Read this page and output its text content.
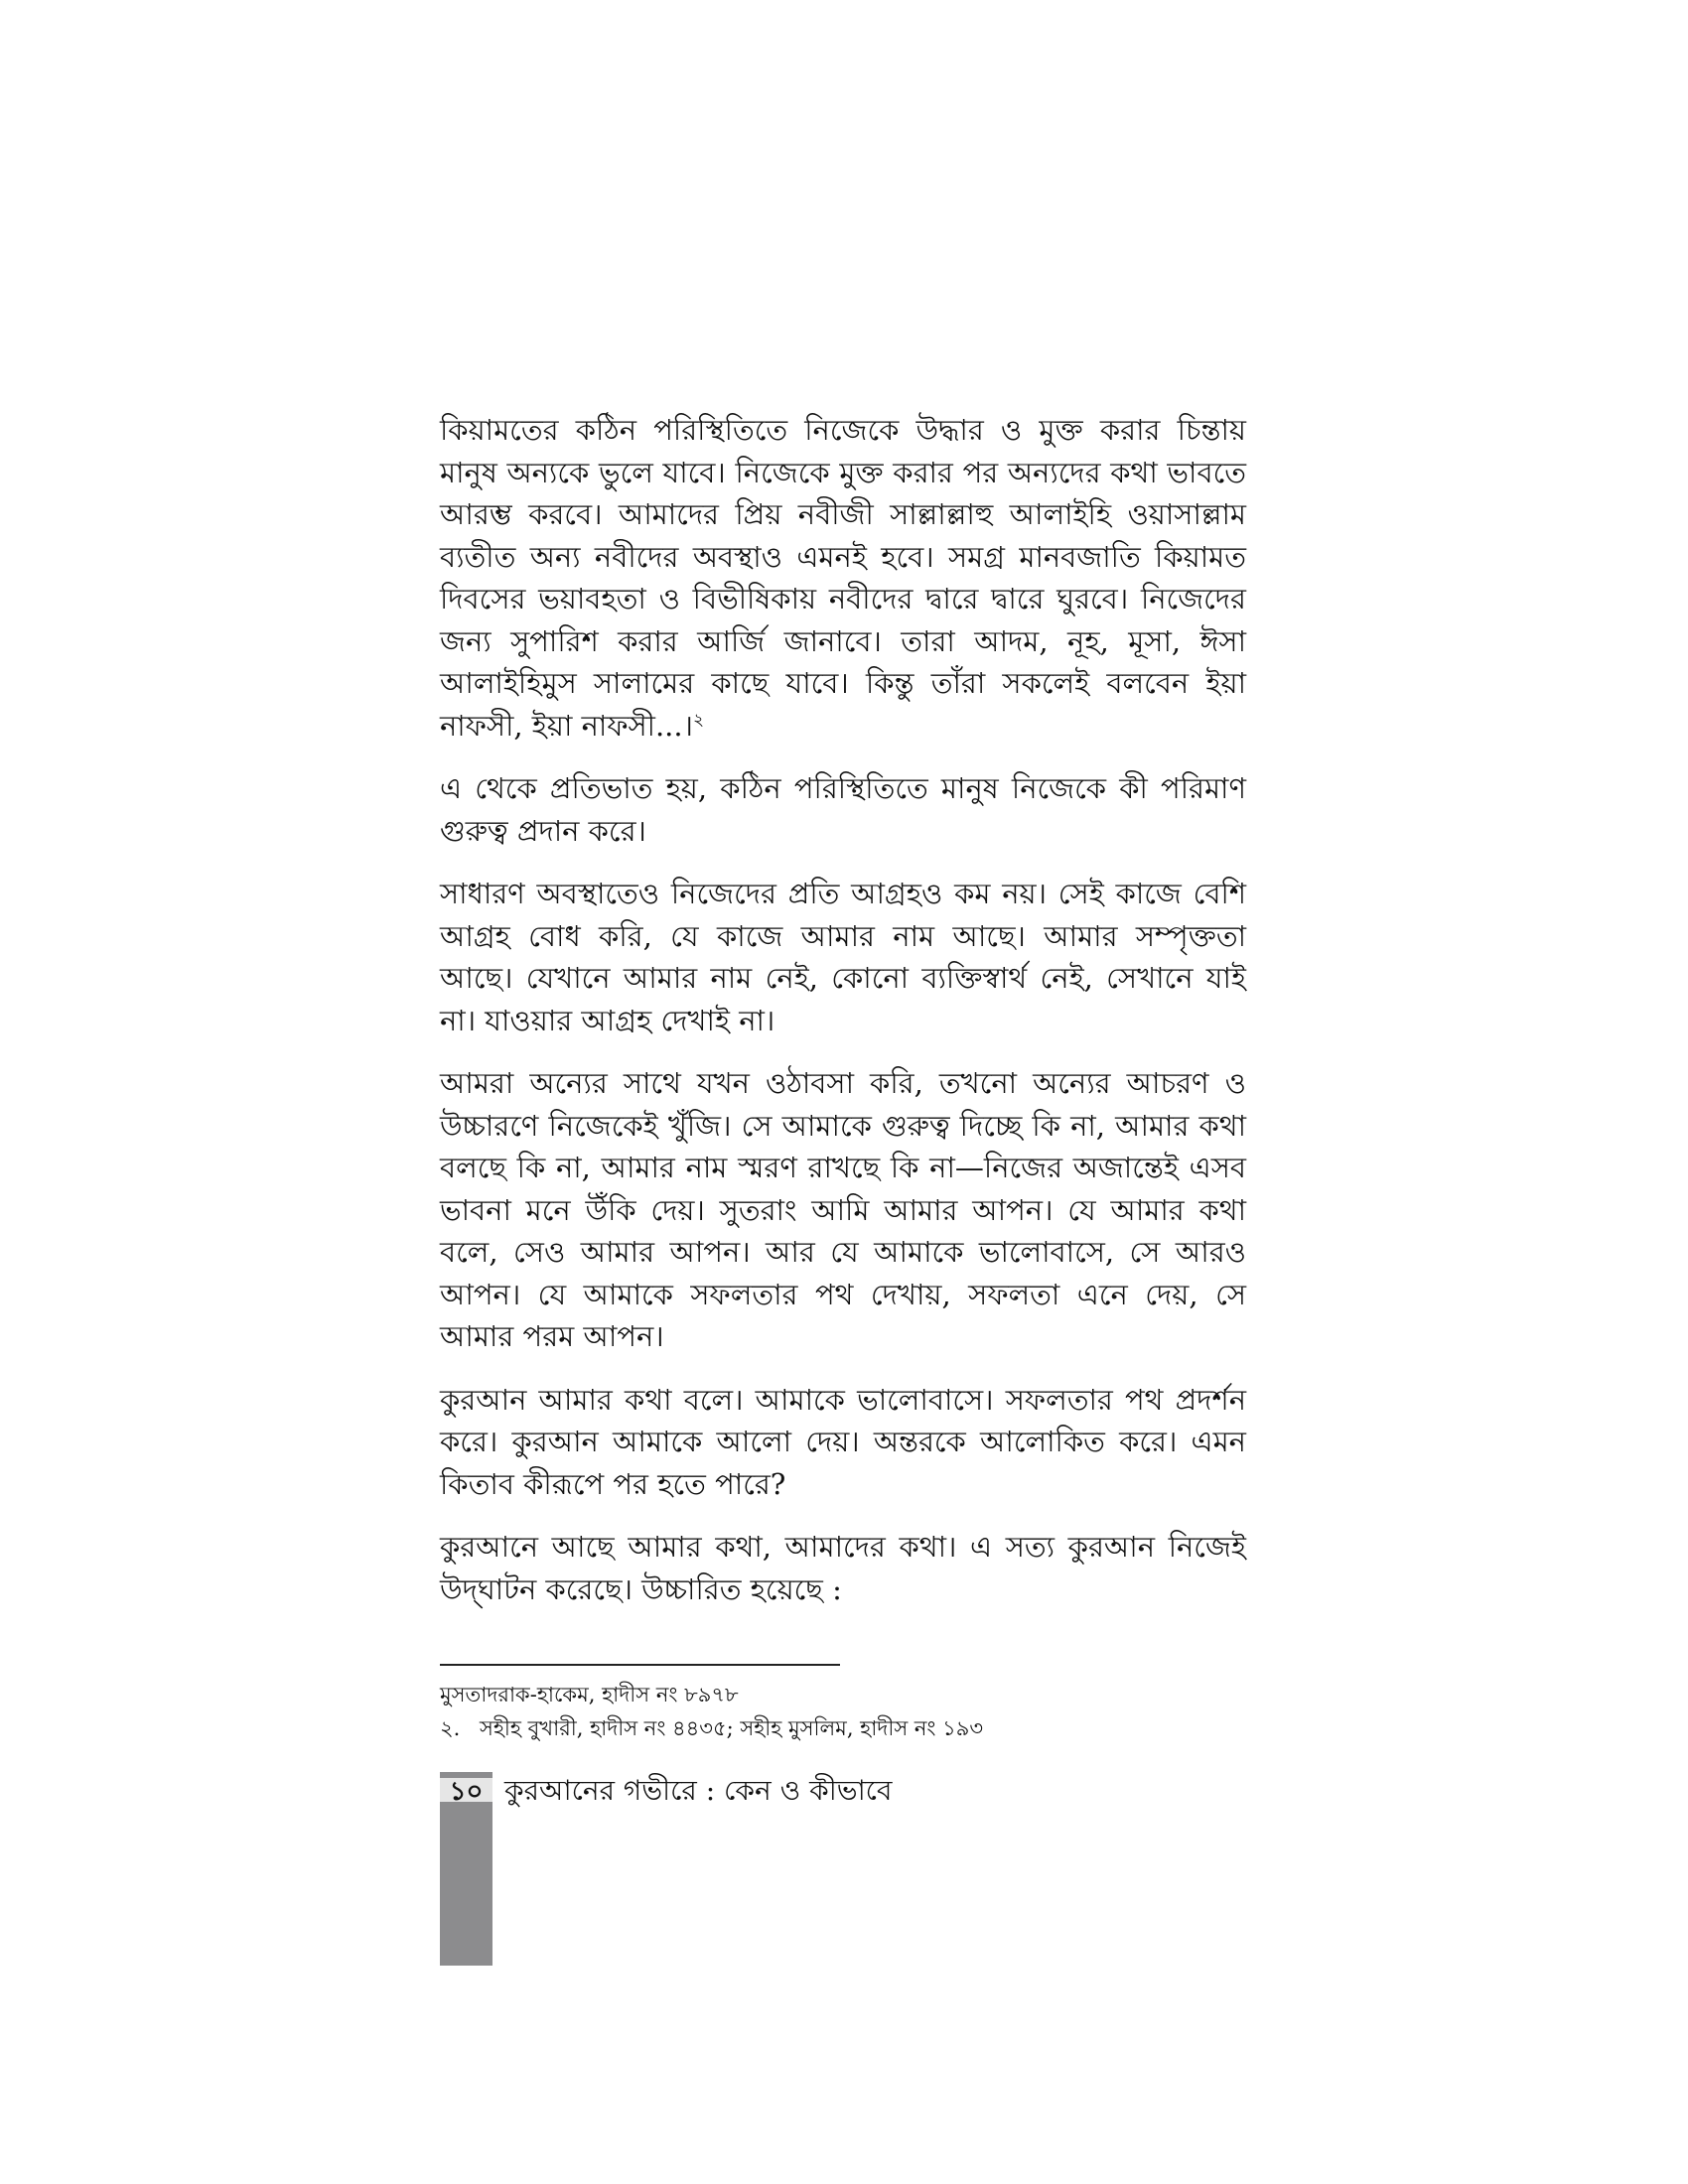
কিয়ামতের কঠিন পরিস্থিতিতে নিজেকে উদ্ধার ও মুক্ত করার চিন্তায় মানুষ অন্যকে ভুলে যাবে। নিজেকে মুক্ত করার পর অন্যদের কথা ভাবতে আরম্ভ করবে। আমাদের প্রিয় নবীজী সাল্লাল্লাহু আলাইহি ওয়াসাল্লাম ব্যতীত অন্য নবীদের অবস্থাও এমনই হবে। সমগ্র মানবজাতি কিয়ামত দিবসের ভয়াবহতা ও বিভীষিকায় নবীদের দ্বারে দ্বারে ঘুরবে। নিজেদের জন্য সুপারিশ করার আর্জি জানাবে। তারা আদম, নূহ, মূসা, ঈসা আলাইহিমুস সালামের কাছে যাবে। কিন্তু তাঁরা সকলেই বলবেন ইয়া নাফসী, ইয়া নাফসী...।$^২$

এ থেকে প্রতিভাত হয়, কঠিন পরিস্থিতিতে মানুষ নিজেকে কী পরিমাণ গুরুত্ব প্রদান করে।

সাধারণ অবস্থাতেও নিজেদের প্রতি আগ্রহও কম নয়। সেই কাজে বেশি আগ্রহ বোধ করি, যে কাজে আমার নাম আছে। আমার সম্পৃক্ততা আছে। যেখানে আমার নাম নেই, কোনো ব্যক্তিস্বার্থ নেই, সেখানে যাই না। যাওয়ার আগ্রহ দেখাই না।

আমরা অন্যের সাথে যখন ওঠাবসা করি, তখনো অন্যের আচরণ ও উচ্চারণে নিজেকেই খুঁজি। সে আমাকে গুরুত্ব দিচ্ছে কি না, আমার কথা বলছে কি না, আমার নাম স্মরণ রাখছে কি না—নিজের অজান্তেই এসব ভাবনা মনে উঁকি দেয়। সুতরাং আমি আমার আপন। যে আমার কথা বলে, সেও আমার আপন। আর যে আমাকে ভালোবাসে, সে আরও আপন। যে আমাকে সফলতার পথ দেখায়, সফলতা এনে দেয়, সে আমার পরম আপন।

কুরআন আমার কথা বলে। আমাকে ভালোবাসে। সফলতার পথ প্রদর্শন করে। কুরআন আমাকে আলো দেয়। অন্তরকে আলোকিত করে। এমন কিতাব কীরূপে পর হতে পারে?

কুরআনে আছে আমার কথা, আমাদের কথা। এ সত্য কুরআন নিজেই উদ্‌ঘাটন করেছে। উচ্চারিত হয়েছে :

মুসতাদরাক-হাকেম, হাদীস নং ৮৯৭৮

২. সহীহ বুখারী, হাদীস নং ৪৪৩৫; সহীহ মুসলিম, হাদীস নং ১৯৩

১০ কুরআনের গভীরে : কেন ও কীভাবে
